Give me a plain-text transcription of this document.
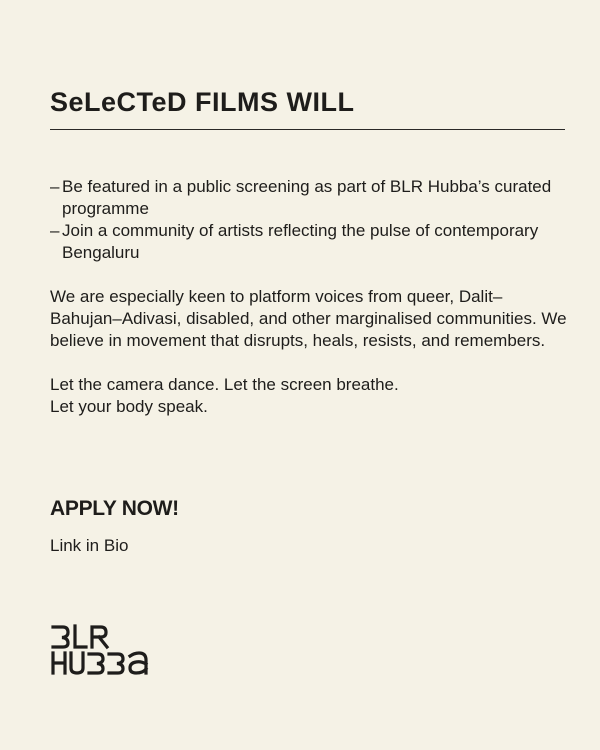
SeLeCTeD FILMS WILL
– Be featured in a public screening as part of BLR Hubba’s curated programme
– Join a community of artists reflecting the pulse of contemporary Bengaluru

We are especially keen to platform voices from queer, Dalit–Bahujan–Adivasi, disabled, and other marginalised communities. We believe in movement that disrupts, heals, resists, and remembers.

Let the camera dance. Let the screen breathe.
Let your body speak.

APPLY NOW!
Link in Bio
